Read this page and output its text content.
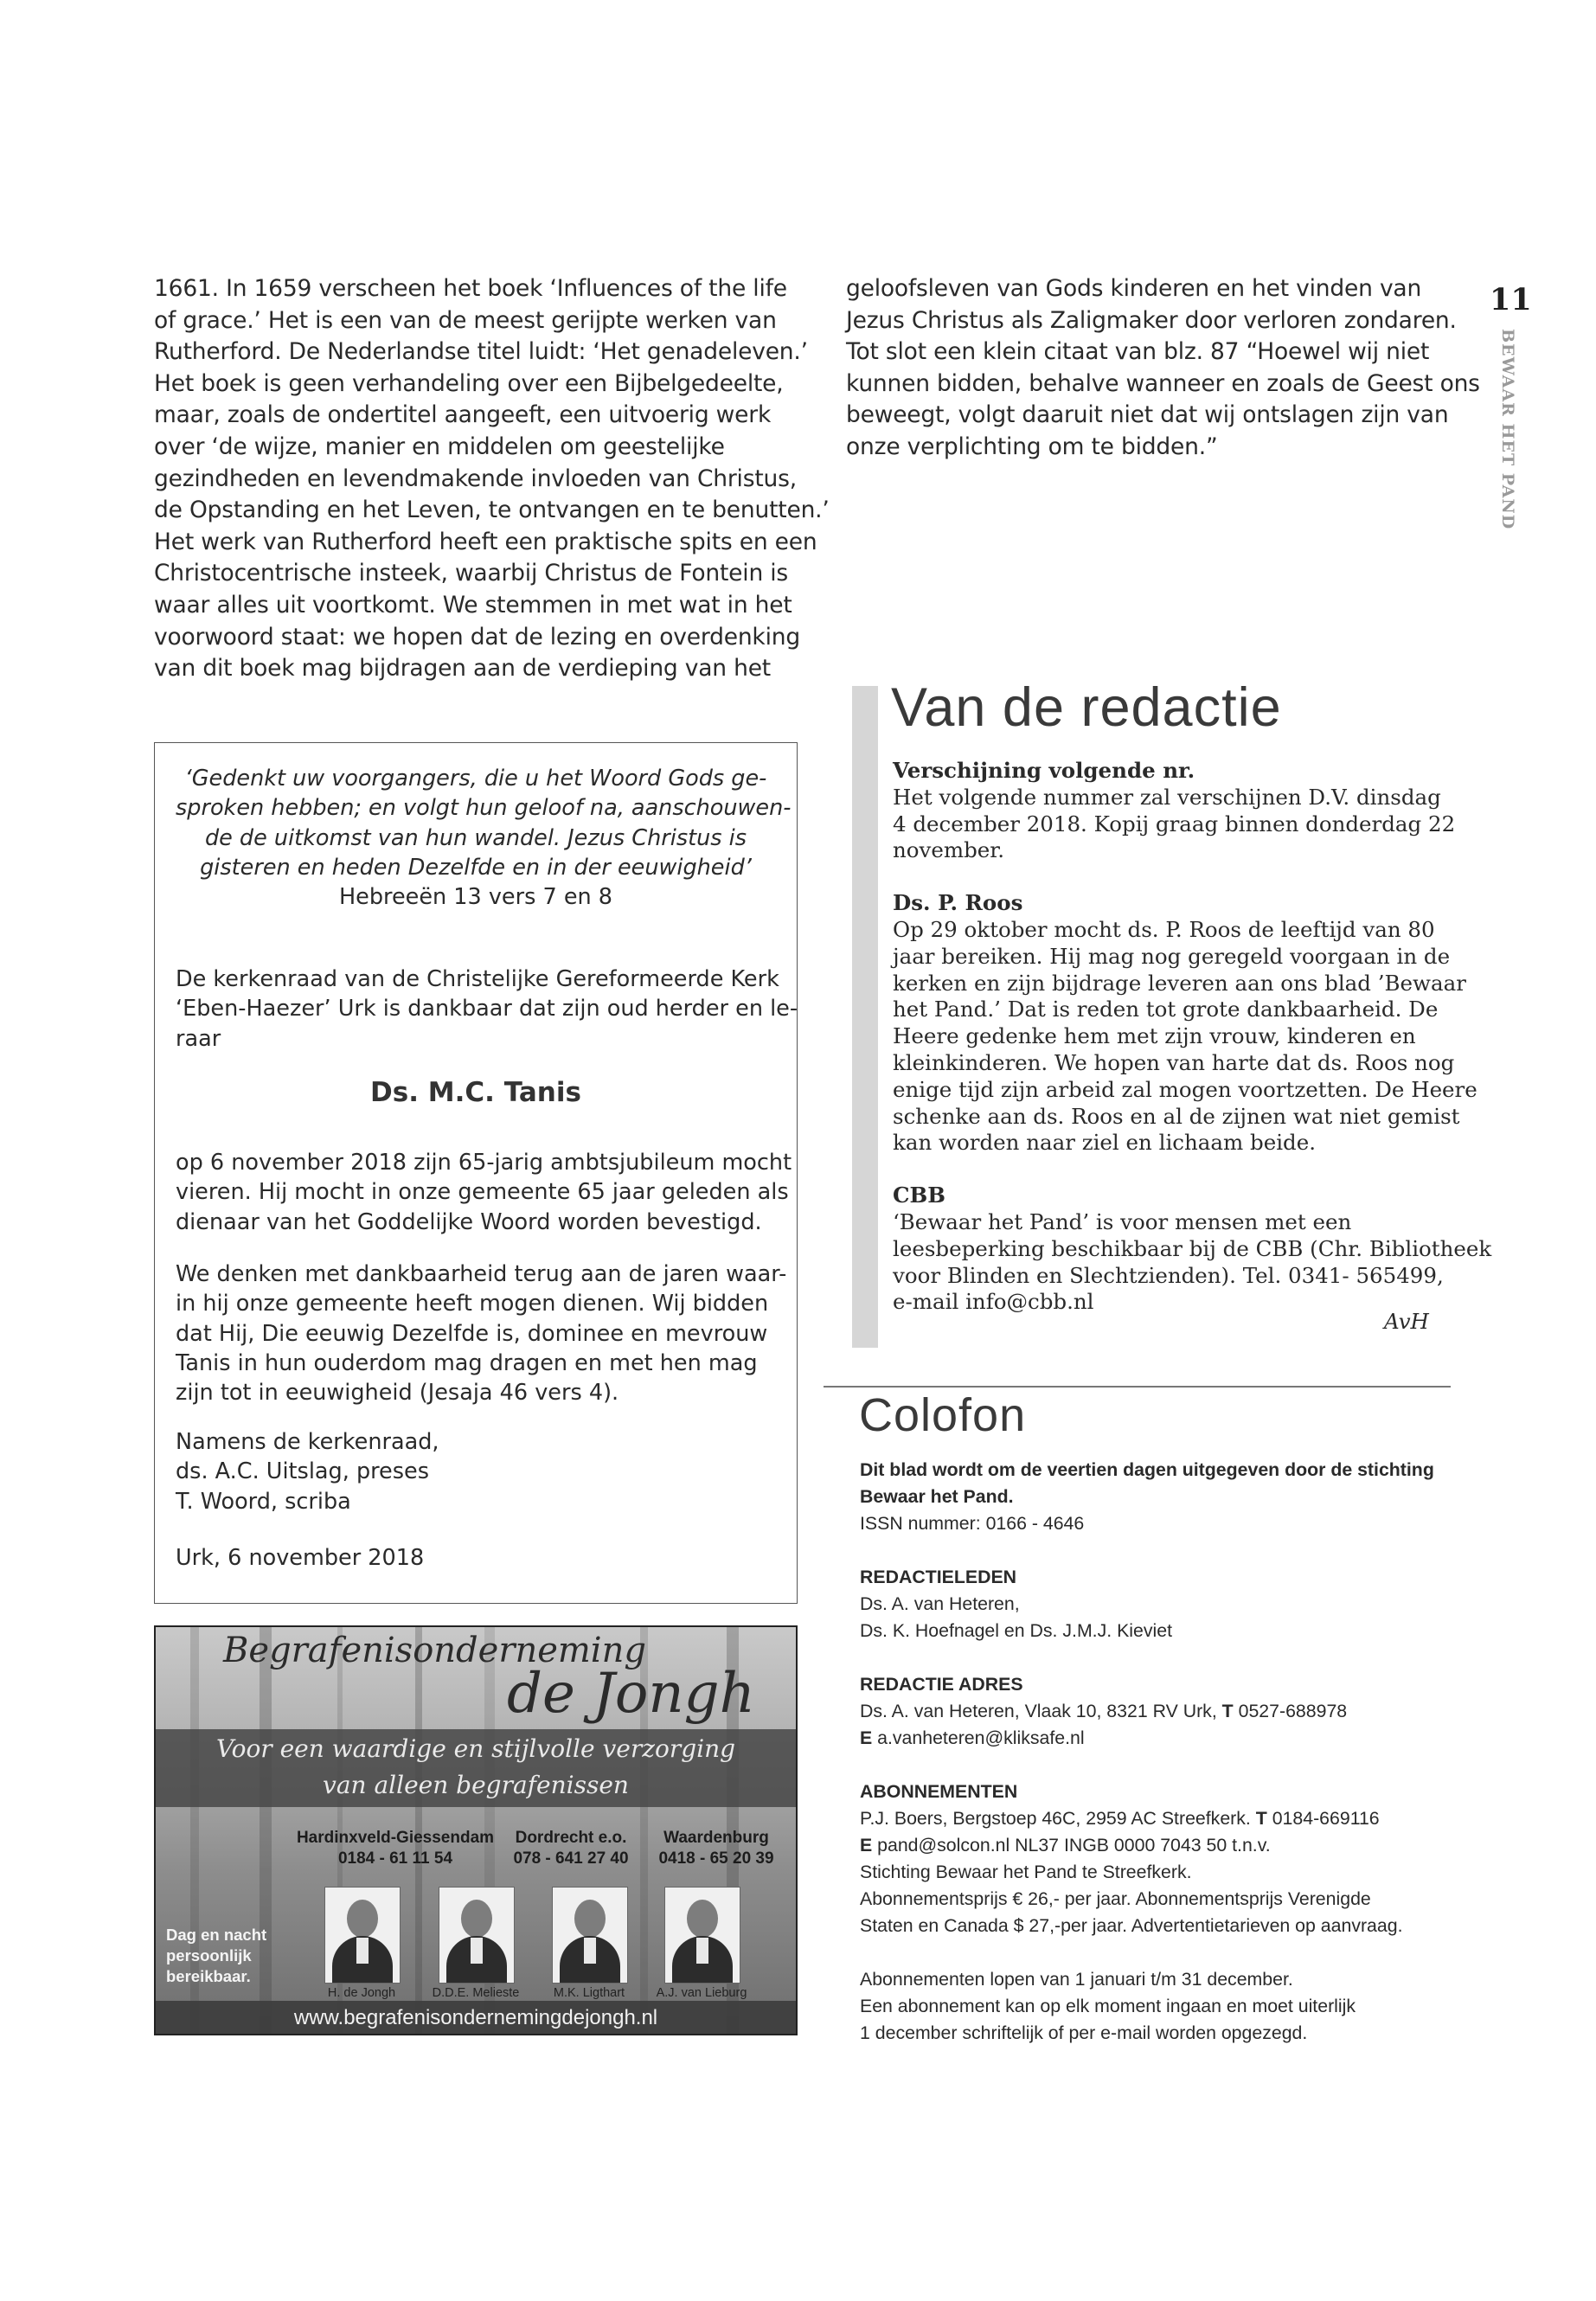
11
BEWAAR HET PAND
1661. In 1659 verscheen het boek ‘Influences of the life
of grace.’ Het is een van de meest gerijpte werken van
Rutherford. De Nederlandse titel luidt: ‘Het genadeleven.’
Het boek is geen verhandeling over een Bijbelgedeelte,
maar, zoals de ondertitel aangeeft, een uitvoerig werk
over ‘de wijze, manier en middelen om geestelijke
gezindheden en levendmakende invloeden van Christus,
de Opstanding en het Leven, te ontvangen en te benutten.’
Het werk van Rutherford heeft een praktische spits en een
Christocentrische insteek, waarbij Christus de Fontein is
waar alles uit voortkomt. We stemmen in met wat in het
voorwoord staat: we hopen dat de lezing en overdenking
van dit boek mag bijdragen aan de verdieping van het
geloofsleven van Gods kinderen en het vinden van
Jezus Christus als Zaligmaker door verloren zondaren.
Tot slot een klein citaat van blz. 87 “Hoewel wij niet
kunnen bidden, behalve wanneer en zoals de Geest ons
beweegt, volgt daaruit niet dat wij ontslagen zijn van
onze verplichting om te bidden.”
‘Gedenkt uw voorgangers, die u het Woord Gods ge-
sproken hebben; en volgt hun geloof na, aanschouwen-
de de uitkomst van hun wandel. Jezus Christus is
gisteren en heden Dezelfde en in der eeuwigheid’
Hebreeën 13 vers 7 en 8
De kerkenraad van de Christelijke Gereformeerde Kerk
‘Eben-Haezer’ Urk is dankbaar dat zijn oud herder en le-
raar
Ds. M.C. Tanis
op 6 november 2018 zijn 65-jarig ambtsjubileum mocht
vieren. Hij mocht in onze gemeente 65 jaar geleden als
dienaar van het Goddelijke Woord worden bevestigd.
We denken met dankbaarheid terug aan de jaren waar-
in hij onze gemeente heeft mogen dienen. Wij bidden
dat Hij, Die eeuwig Dezelfde is, dominee en mevrouw
Tanis in hun ouderdom mag dragen en met hen mag
zijn tot in eeuwigheid (Jesaja 46 vers 4).
Namens de kerkenraad,
ds. A.C. Uitslag, preses
T. Woord, scriba
Urk, 6 november 2018
Van de redactie
Verschijning volgende nr.
Het volgende nummer zal verschijnen D.V. dinsdag
4 december 2018. Kopij graag binnen donderdag 22
november.
Ds. P. Roos
Op 29 oktober mocht ds. P. Roos de leeftijd van 80
jaar bereiken. Hij mag nog geregeld voorgaan in de
kerken en zijn bijdrage leveren aan ons blad ’Bewaar
het Pand.’ Dat is reden tot grote dankbaarheid. De
Heere gedenke hem met zijn vrouw, kinderen en
kleinkinderen. We hopen van harte dat ds. Roos nog
enige tijd zijn arbeid zal mogen voortzetten. De Heere
schenke aan ds. Roos en al de zijnen wat niet gemist
kan worden naar ziel en lichaam beide.
CBB
‘Bewaar het Pand’ is voor mensen met een
leesbeperking beschikbaar bij de CBB (Chr. Bibliotheek
voor Blinden en Slechtzienden). Tel. 0341- 565499,
e-mail info@cbb.nl
AvH
Colofon
Dit blad wordt om de veertien dagen uitgegeven door de stichting
Bewaar het Pand.
ISSN nummer: 0166 - 4646
REDACTIELEDEN
Ds. A. van Heteren,
Ds. K. Hoefnagel en Ds. J.M.J. Kieviet
REDACTIE ADRES
Ds. A. van Heteren, Vlaak 10, 8321 RV Urk, T 0527-688978
E a.vanheteren@kliksafe.nl
ABONNEMENTEN
P.J. Boers, Bergstoep 46C, 2959 AC Streefkerk. T 0184-669116
E pand@solcon.nl NL37 INGB 0000 7043 50 t.n.v.
Stichting Bewaar het Pand te Streefkerk.
Abonnementsprijs € 26,- per jaar. Abonnementsprijs Verenigde
Staten en Canada $ 27,-per jaar. Advertentietarieven op aanvraag.
Abonnementen lopen van 1 januari t/m 31 december.
Een abonnement kan op elk moment ingaan en moet uiterlijk
1 december schriftelijk of per e-mail worden opgezegd.
Begrafenisonderneming
de Jongh
Voor een waardige en stijlvolle verzorging
van alleen begrafenissen
Hardinxveld-Giessendam
0184 - 61 11 54
Dordrecht e.o.
078 - 641 27 40
Waardenburg
0418 - 65 20 39
H. de Jongh	D.D.E. Melieste	M.K. Ligthart	A.J. van Lieburg
Dag en nacht
persoonlijk
bereikbaar.
www.begrafenisondernemingdejongh.nl
